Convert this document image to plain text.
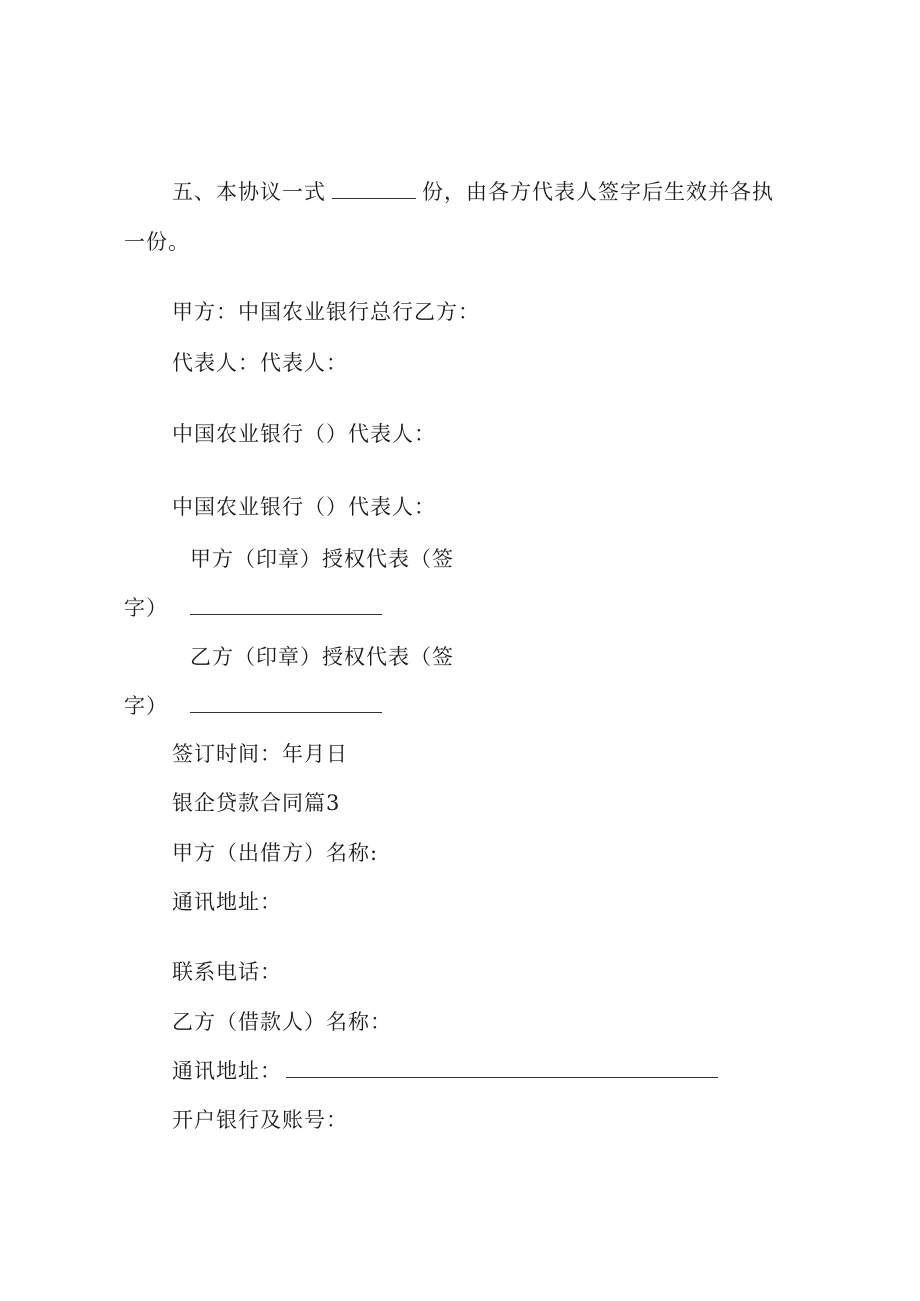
五、本协议一式	份，由各方代表人签字后生效并各执
一份。
甲方：中国农业银行总行乙方：
代表人：代表人：
中国农业银行（）代表人：
中国农业银行（）代表人：
甲方（印章）授权代表（签
字）
乙方（印章）授权代表（签
字）
签订时间：年月日
银企贷款合同篇3
甲方（出借方）名称:
通讯地址：
联系电话：
乙方（借款人）名称：
通讯地址：
开户银行及账号：
